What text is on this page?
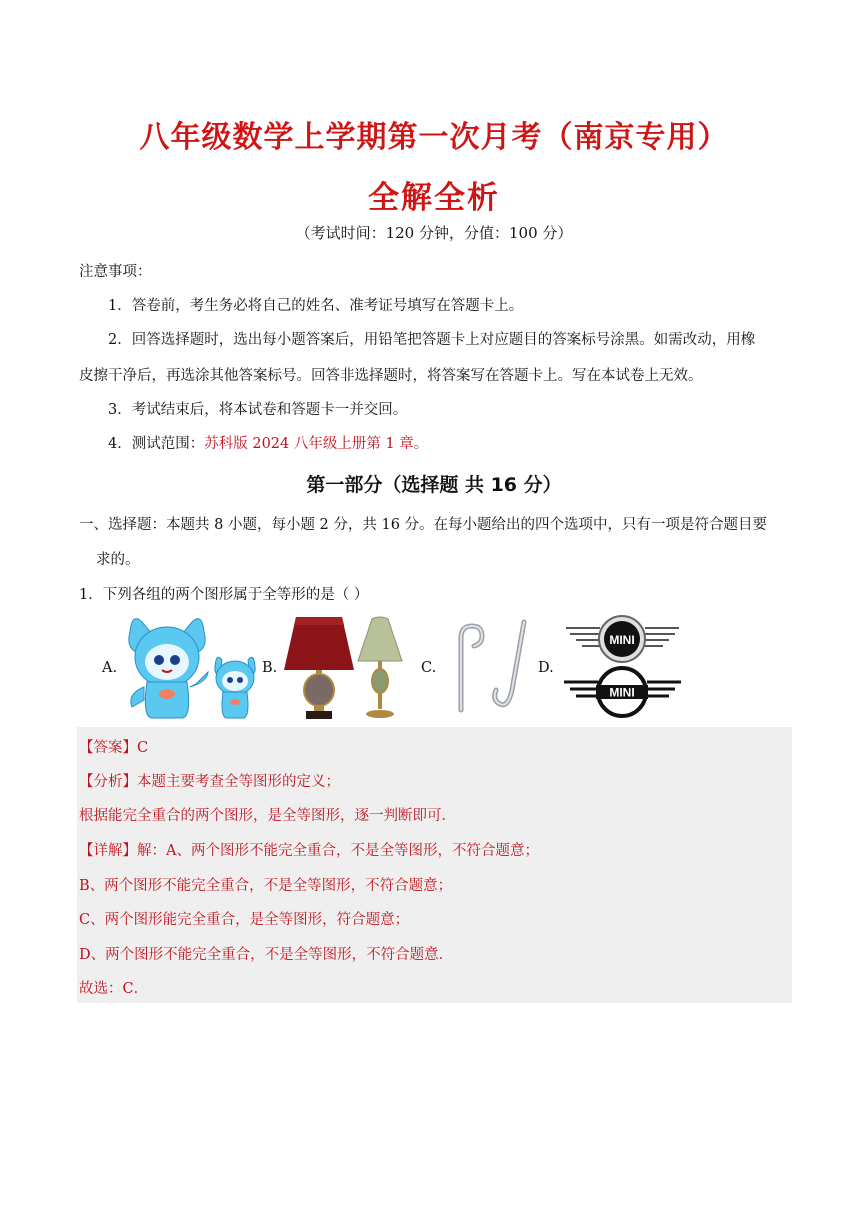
八年级数学上学期第一次月考（南京专用）
全解全析
（考试时间：120 分钟，分值：100 分）
注意事项：
1．答卷前，考生务必将自己的姓名、准考证号填写在答题卡上。
2．回答选择题时，选出每小题答案后，用铅笔把答题卡上对应题目的答案标号涂黑。如需改动，用橡
皮擦干净后，再选涂其他答案标号。回答非选择题时，将答案写在答题卡上。写在本试卷上无效。
3．考试结束后，将本试卷和答题卡一并交回。
4．测试范围：苏科版 2024 八年级上册第 1 章。
第一部分（选择题 共 16 分）
一、选择题：本题共 8 小题，每小题 2 分，共 16 分。在每小题给出的四个选项中，只有一项是符合题目要
求的。
1．下列各组的两个图形属于全等形的是（ ）
A.	B.	C.	D.
MINI
MINI
【答案】C
【分析】本题主要考查全等图形的定义；
根据能完全重合的两个图形，是全等图形，逐一判断即可．
【详解】解：A、两个图形不能完全重合，不是全等图形，不符合题意；
B、两个图形不能完全重合，不是全等图形，不符合题意；
C、两个图形能完全重合，是全等图形，符合题意；
D、两个图形不能完全重合，不是全等图形，不符合题意．
故选：C．
